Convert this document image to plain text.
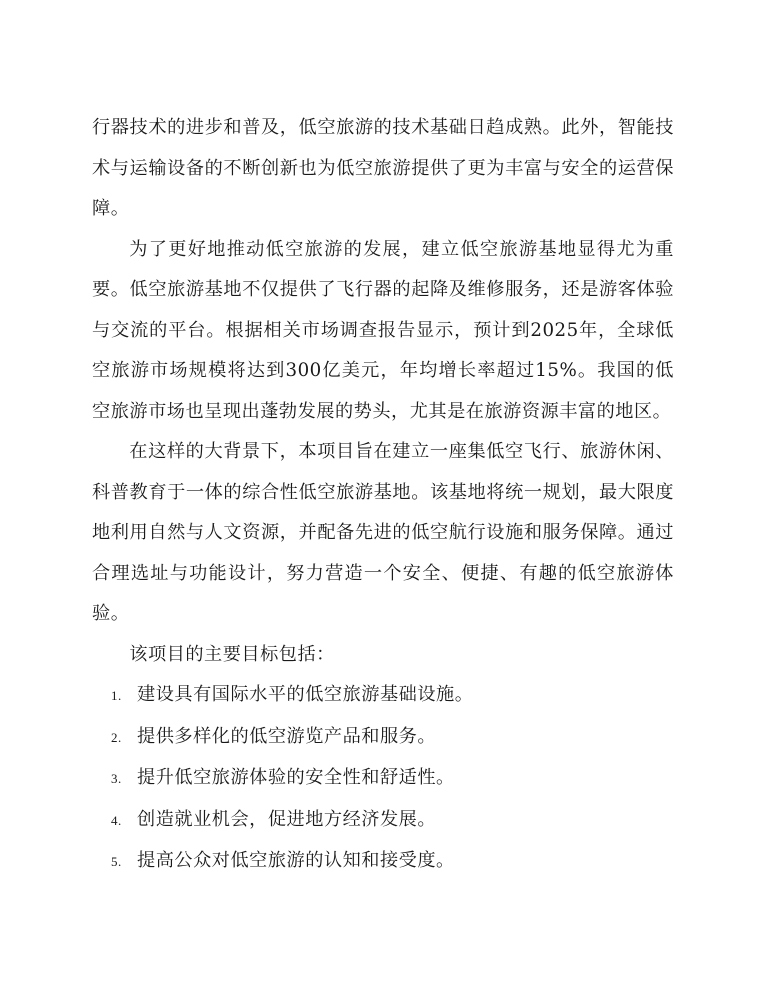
行器技术的进步和普及，低空旅游的技术基础日趋成熟。此外，智能技术与运输设备的不断创新也为低空旅游提供了更为丰富与安全的运营保障。

为了更好地推动低空旅游的发展，建立低空旅游基地显得尤为重要。低空旅游基地不仅提供了飞行器的起降及维修服务，还是游客体验与交流的平台。根据相关市场调查报告显示，预计到2025年，全球低空旅游市场规模将达到300亿美元，年均增长率超过15%。我国的低空旅游市场也呈现出蓬勃发展的势头，尤其是在旅游资源丰富的地区。

在这样的大背景下，本项目旨在建立一座集低空飞行、旅游休闲、科普教育于一体的综合性低空旅游基地。该基地将统一规划，最大限度地利用自然与人文资源，并配备先进的低空航行设施和服务保障。通过合理选址与功能设计，努力营造一个安全、便捷、有趣的低空旅游体验。

该项目的主要目标包括：

1. 建设具有国际水平的低空旅游基础设施。
2. 提供多样化的低空游览产品和服务。
3. 提升低空旅游体验的安全性和舒适性。
4. 创造就业机会，促进地方经济发展。
5. 提高公众对低空旅游的认知和接受度。
